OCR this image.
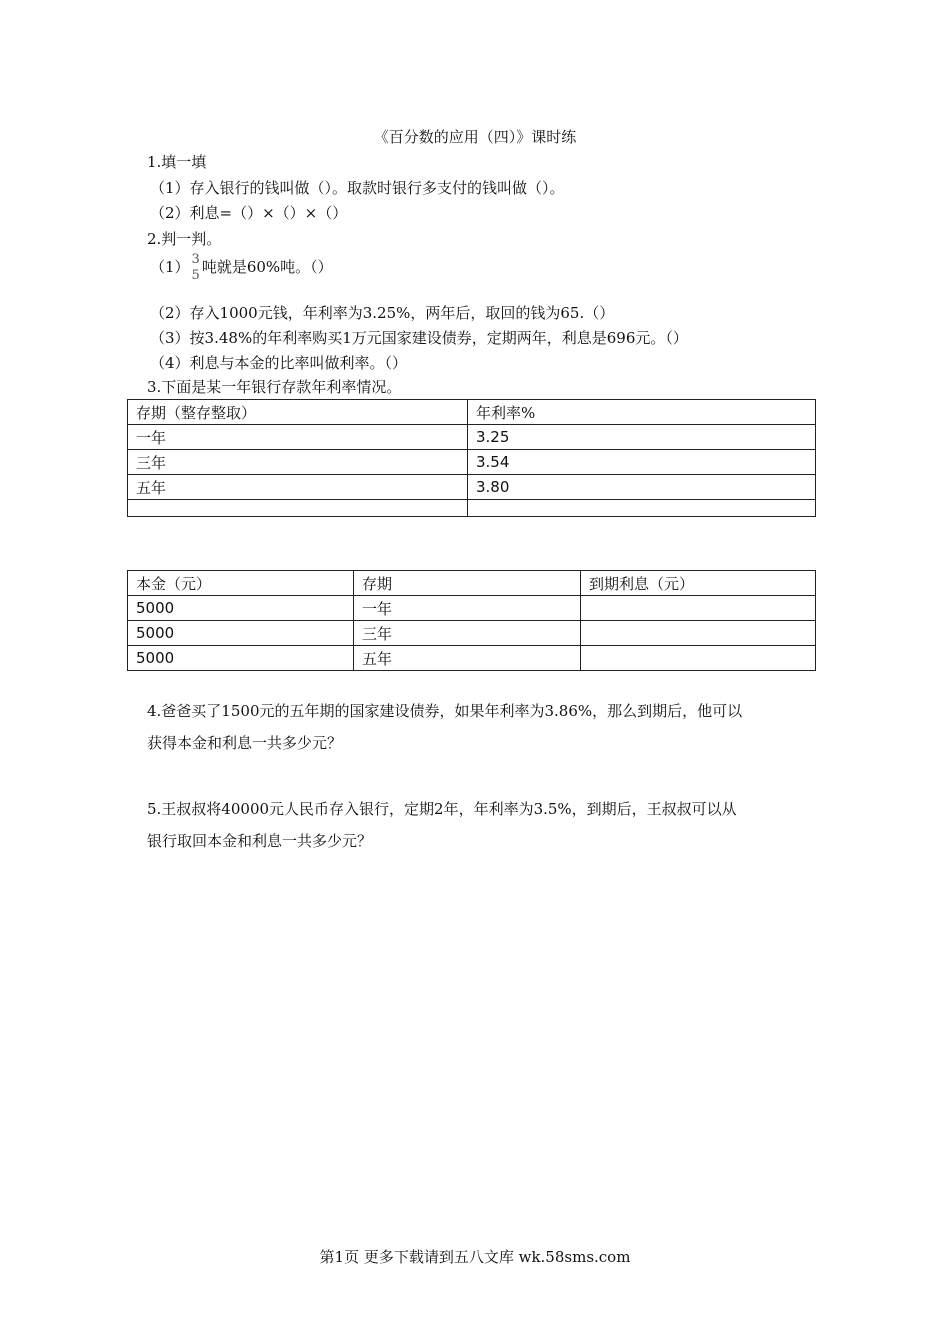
《百分数的应用（四）》课时练
1.填一填
（1）存入银行的钱叫做（）。取款时银行多支付的钱叫做（）。
（2）利息=（）×（）×（）
2.判一判。
（1） 3
5 吨就是60%吨。（）
（2）存入1000元钱，年利率为3.25%，两年后，取回的钱为65.（）
（3）按3.48%的年利率购买1万元国家建设债券，定期两年，利息是696元。（）
（4）利息与本金的比率叫做利率。（）
3.下面是某一年银行存款年利率情况。
存期（整存整取）	年利率%
一年	3.25
三年	3.54
五年	3.80

本金（元）	存期	到期利息（元）
5000	一年	
5000	三年	
5000	五年	
4.爸爸买了1500元的五年期的国家建设债券，如果年利率为3.86%，那么到期后，他可以
获得本金和利息一共多少元？
5.王叔叔将40000元人民币存入银行，定期2年，年利率为3.5%，到期后，王叔叔可以从
银行取回本金和利息一共多少元？
第1页 更多下载请到五八文库 wk.58sms.com
